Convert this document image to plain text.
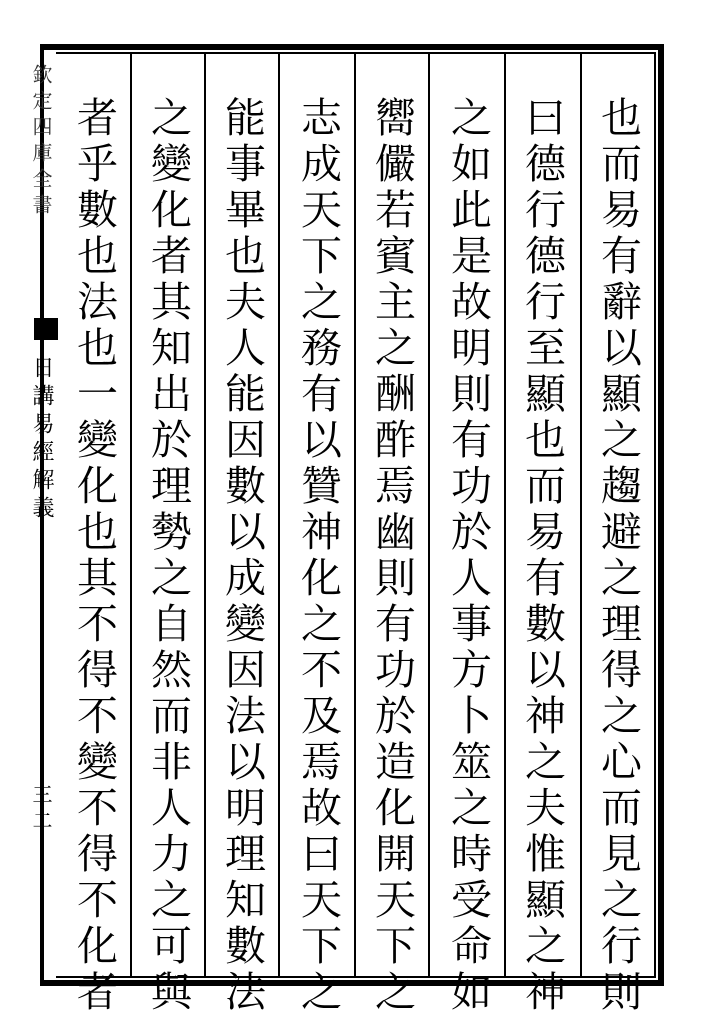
欽定四庫全書
日講易經解義
三二	也而易有辭以顯之趨避之理得之心而見之行則
曰德行德行至顯也而易有數以神之夫惟顯之神
之如此是故明則有功於人事方卜筮之時受命如
嚮儼若賓主之酬酢焉幽則有功於造化開天下之
志成天下之務有以贊神化之不及焉故曰天下之
能事畢也夫人能因數以成變因法以明理知數法
之變化者其知出於理勢之自然而非人力之可與
者乎數也法也一變化也其不得不變不得不化者
